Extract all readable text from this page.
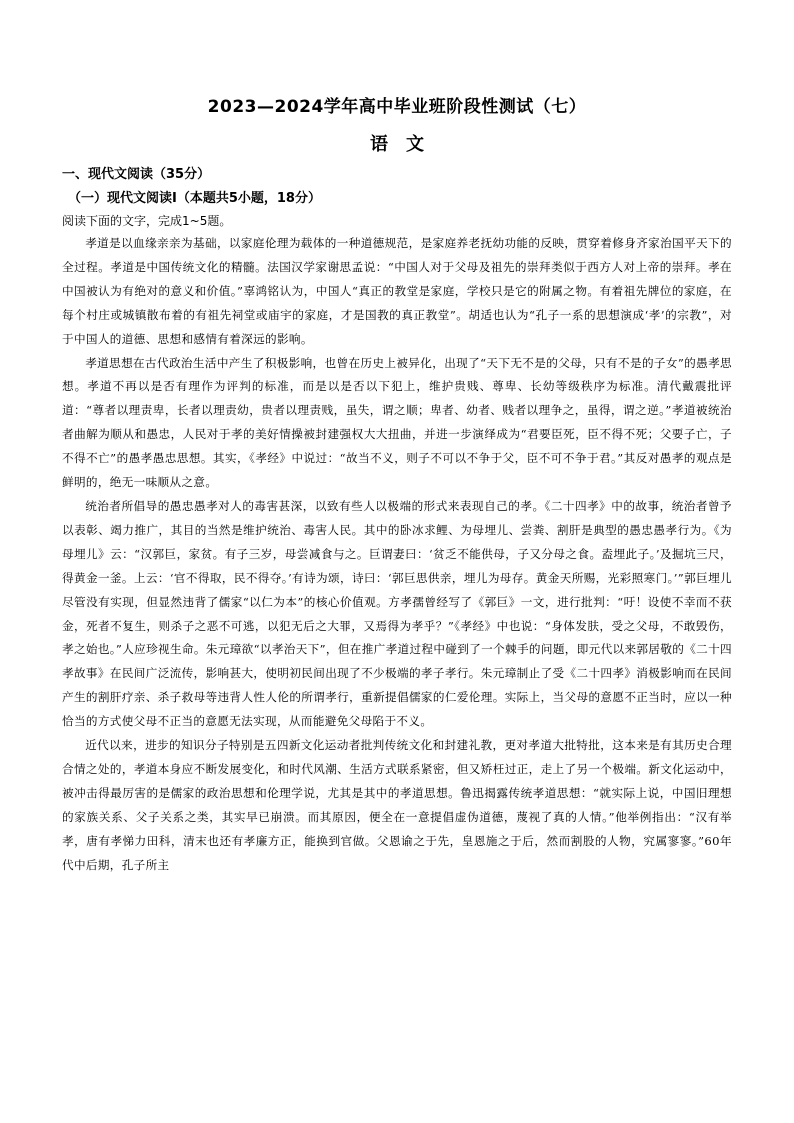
2023—2024学年高中毕业班阶段性测试（七）
语　文
一、现代文阅读（35分）
（一）现代文阅读Ⅰ（本题共5小题，18分）
阅读下面的文字，完成1~5题。

孝道是以血缘亲亲为基础，以家庭伦理为载体的一种道德规范，是家庭养老抚幼功能的反映，贯穿着修身齐家治国平天下的全过程。孝道是中国传统文化的精髓。法国汉学家谢思孟说：“中国人对于父母及祖先的崇拜类似于西方人对上帝的崇拜。孝在中国被认为有绝对的意义和价值。”辜鸿铭认为，中国人“真正的教堂是家庭，学校只是它的附属之物。有着祖先牌位的家庭，在每个村庄或城镇散布着的有祖先祠堂或庙宇的家庭，才是国教的真正教堂”。胡适也认为“孔子一系的思想演成‘孝’的宗教”，对于中国人的道德、思想和感情有着深远的影响。

孝道思想在古代政治生活中产生了积极影响，也曾在历史上被异化，出现了“天下无不是的父母，只有不是的子女”的愚孝思想。孝道不再以是否有理作为评判的标准，而是以是否以下犯上，维护贵贱、尊卑、长幼等级秩序为标准。清代戴震批评道：“尊者以理责卑，长者以理责幼，贵者以理责贱，虽失，谓之顺；卑者、幼者、贱者以理争之，虽得，谓之逆。”孝道被统治者曲解为顺从和愚忠，人民对于孝的美好情操被封建强权大大扭曲，并进一步演绎成为“君要臣死，臣不得不死；父要子亡，子不得不亡”的愚孝愚忠思想。其实，《孝经》中说过：“故当不义，则子不可以不争于父，臣不可不争于君。”其反对愚孝的观点是鲜明的，绝无一味顺从之意。

统治者所倡导的愚忠愚孝对人的毒害甚深，以致有些人以极端的形式来表现自己的孝。《二十四孝》中的故事，统治者曾予以表彰、竭力推广，其目的当然是维护统治、毒害人民。其中的卧冰求鲤、为母埋儿、尝粪、割肝是典型的愚忠愚孝行为。《为母埋儿》云：“汉郭巨，家贫。有子三岁，母尝减食与之。巨谓妻曰：‘贫乏不能供母，子又分母之食。盍埋此子。’及掘坑三尺，得黄金一釜。上云：‘官不得取，民不得夺。’有诗为颂，诗曰：‘郭巨思供亲，埋儿为母存。黄金天所赐，光彩照寒门。’”郭巨埋儿尽管没有实现，但显然违背了儒家“以仁为本”的核心价值观。方孝孺曾经写了《郭巨》一文，进行批判：“吁！设使不幸而不获金，死者不复生，则杀子之恶不可逃，以犯无后之大罪，又焉得为孝乎？”《孝经》中也说：“身体发肤，受之父母，不敢毁伤，孝之始也。”人应珍视生命。朱元璋欲“以孝治天下”，但在推广孝道过程中碰到了一个棘手的问题，即元代以来郭居敬的《二十四孝故事》在民间广泛流传，影响甚大，使明初民间出现了不少极端的孝子孝行。朱元璋制止了受《二十四孝》消极影响而在民间产生的割肝疗亲、杀子救母等违背人性人伦的所谓孝行，重新提倡儒家的仁爱伦理。实际上，当父母的意愿不正当时，应以一种恰当的方式使父母不正当的意愿无法实现，从而能避免父母陷于不义。

近代以来，进步的知识分子特别是五四新文化运动者批判传统文化和封建礼教，更对孝道大批特批，这本来是有其历史合理合情之处的，孝道本身应不断发展变化，和时代风潮、生活方式联系紧密，但又矫枉过正，走上了另一个极端。新文化运动中，被冲击得最厉害的是儒家的政治思想和伦理学说，尤其是其中的孝道思想。鲁迅揭露传统孝道思想：“就实际上说，中国旧理想的家族关系、父子关系之类，其实早已崩溃。而其原因，便全在一意提倡虚伪道德，蔑视了真的人情。”他举例指出：“汉有举孝，唐有孝悌力田科，清末也还有孝廉方正，能换到官做。父恩谕之于先，皇恩施之于后，然而割股的人物，究属寥寥。”60年代中后期，孔子所主
